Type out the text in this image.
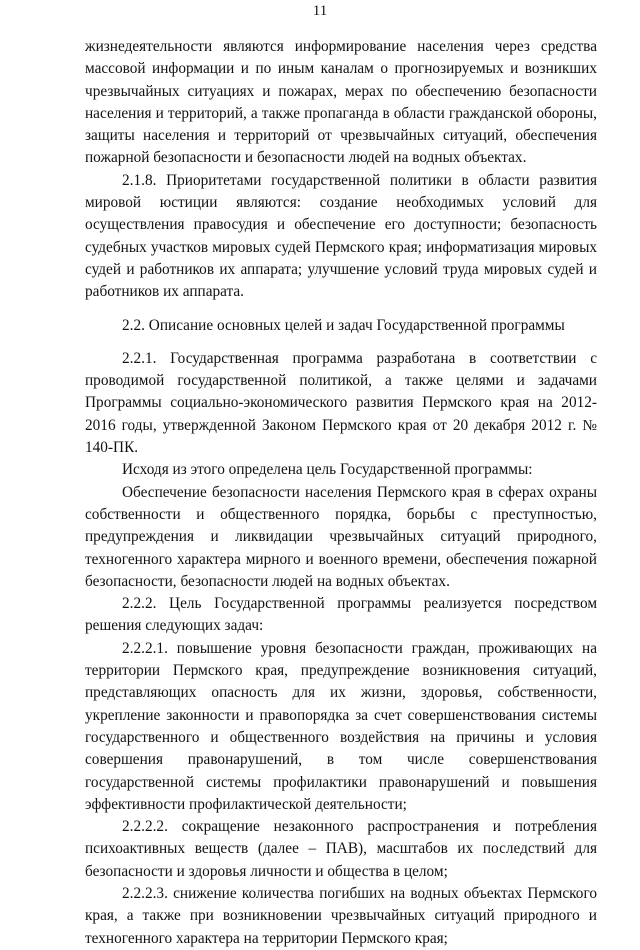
11

жизнедеятельности являются информирование населения через средства массовой информации и по иным каналам о прогнозируемых и возникших чрезвычайных ситуациях и пожарах, мерах по обеспечению безопасности населения и территорий, а также пропаганда в области гражданской обороны, защиты населения и территорий от чрезвычайных ситуаций, обеспечения пожарной безопасности и безопасности людей на водных объектах.

2.1.8. Приоритетами государственной политики в области развития мировой юстиции являются: создание необходимых условий для осуществления правосудия и обеспечение его доступности; безопасность судебных участков мировых судей Пермского края; информатизация мировых судей и работников их аппарата; улучшение условий труда мировых судей и работников их аппарата.

2.2. Описание основных целей и задач Государственной программы

2.2.1. Государственная программа разработана в соответствии с проводимой государственной политикой, а также целями и задачами Программы социально-экономического развития Пермского края на 2012-2016 годы, утвержденной Законом Пермского края от 20 декабря 2012 г. № 140-ПК.

Исходя из этого определена цель Государственной программы:

Обеспечение безопасности населения Пермского края в сферах охраны собственности и общественного порядка, борьбы с преступностью, предупреждения и ликвидации чрезвычайных ситуаций природного, техногенного характера мирного и военного времени, обеспечения пожарной безопасности, безопасности людей на водных объектах.

2.2.2. Цель Государственной программы реализуется посредством решения следующих задач:

2.2.2.1. повышение уровня безопасности граждан, проживающих на территории Пермского края, предупреждение возникновения ситуаций, представляющих опасность для их жизни, здоровья, собственности, укрепление законности и правопорядка за счет совершенствования системы государственного и общественного воздействия на причины и условия совершения правонарушений, в том числе совершенствования государственной системы профилактики правонарушений и повышения эффективности профилактической деятельности;

2.2.2.2. сокращение незаконного распространения и потребления психоактивных веществ (далее – ПАВ), масштабов их последствий для безопасности и здоровья личности и общества в целом;

2.2.2.3. снижение количества погибших на водных объектах Пермского края, а также при возникновении чрезвычайных ситуаций природного и техногенного характера на территории Пермского края;
